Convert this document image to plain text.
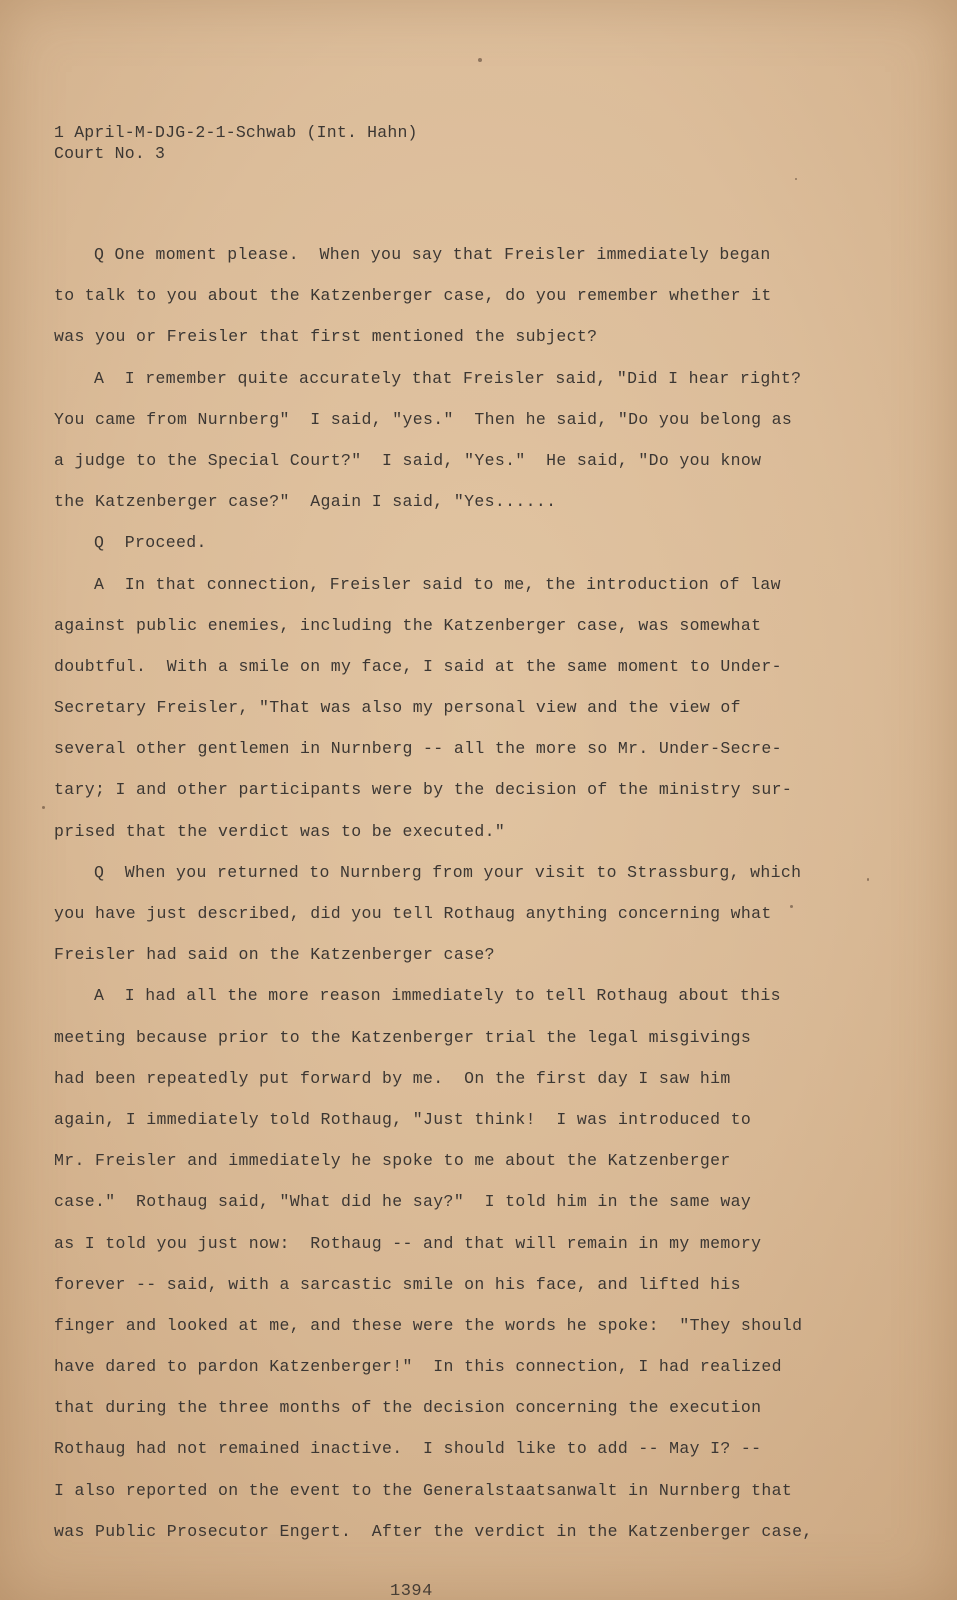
1 April-M-DJG-2-1-Schwab (Int. Hahn)
Court No. 3
Q One moment please.  When you say that Freisler immediately began
to talk to you about the Katzenberger case, do you remember whether it
was you or Freisler that first mentioned the subject?
A  I remember quite accurately that Freisler said, "Did I hear right?
You came from Nurnberg"  I said, "yes."  Then he said, "Do you belong as
a judge to the Special Court?"  I said, "Yes."  He said, "Do you know
the Katzenberger case?"  Again I said, "Yes......
Q  Proceed.
A  In that connection, Freisler said to me, the introduction of law
against public enemies, including the Katzenberger case, was somewhat
doubtful.  With a smile on my face, I said at the same moment to Under-
Secretary Freisler, "That was also my personal view and the view of
several other gentlemen in Nurnberg -- all the more so Mr. Under-Secre-
tary; I and other participants were by the decision of the ministry sur-
prised that the verdict was to be executed."
Q  When you returned to Nurnberg from your visit to Strassburg, which
you have just described, did you tell Rothaug anything concerning what
Freisler had said on the Katzenberger case?
A  I had all the more reason immediately to tell Rothaug about this
meeting because prior to the Katzenberger trial the legal misgivings
had been repeatedly put forward by me.  On the first day I saw him
again, I immediately told Rothaug, "Just think!  I was introduced to
Mr. Freisler and immediately he spoke to me about the Katzenberger
case."  Rothaug said, "What did he say?"  I told him in the same way
as I told you just now:  Rothaug -- and that will remain in my memory
forever -- said, with a sarcastic smile on his face, and lifted his
finger and looked at me, and these were the words he spoke:  "They should
have dared to pardon Katzenberger!"  In this connection, I had realized
that during the three months of the decision concerning the execution
Rothaug had not remained inactive.  I should like to add -- May I? --
I also reported on the event to the Generalstaatsanwalt in Nurnberg that
was Public Prosecutor Engert.  After the verdict in the Katzenberger case,
1394
